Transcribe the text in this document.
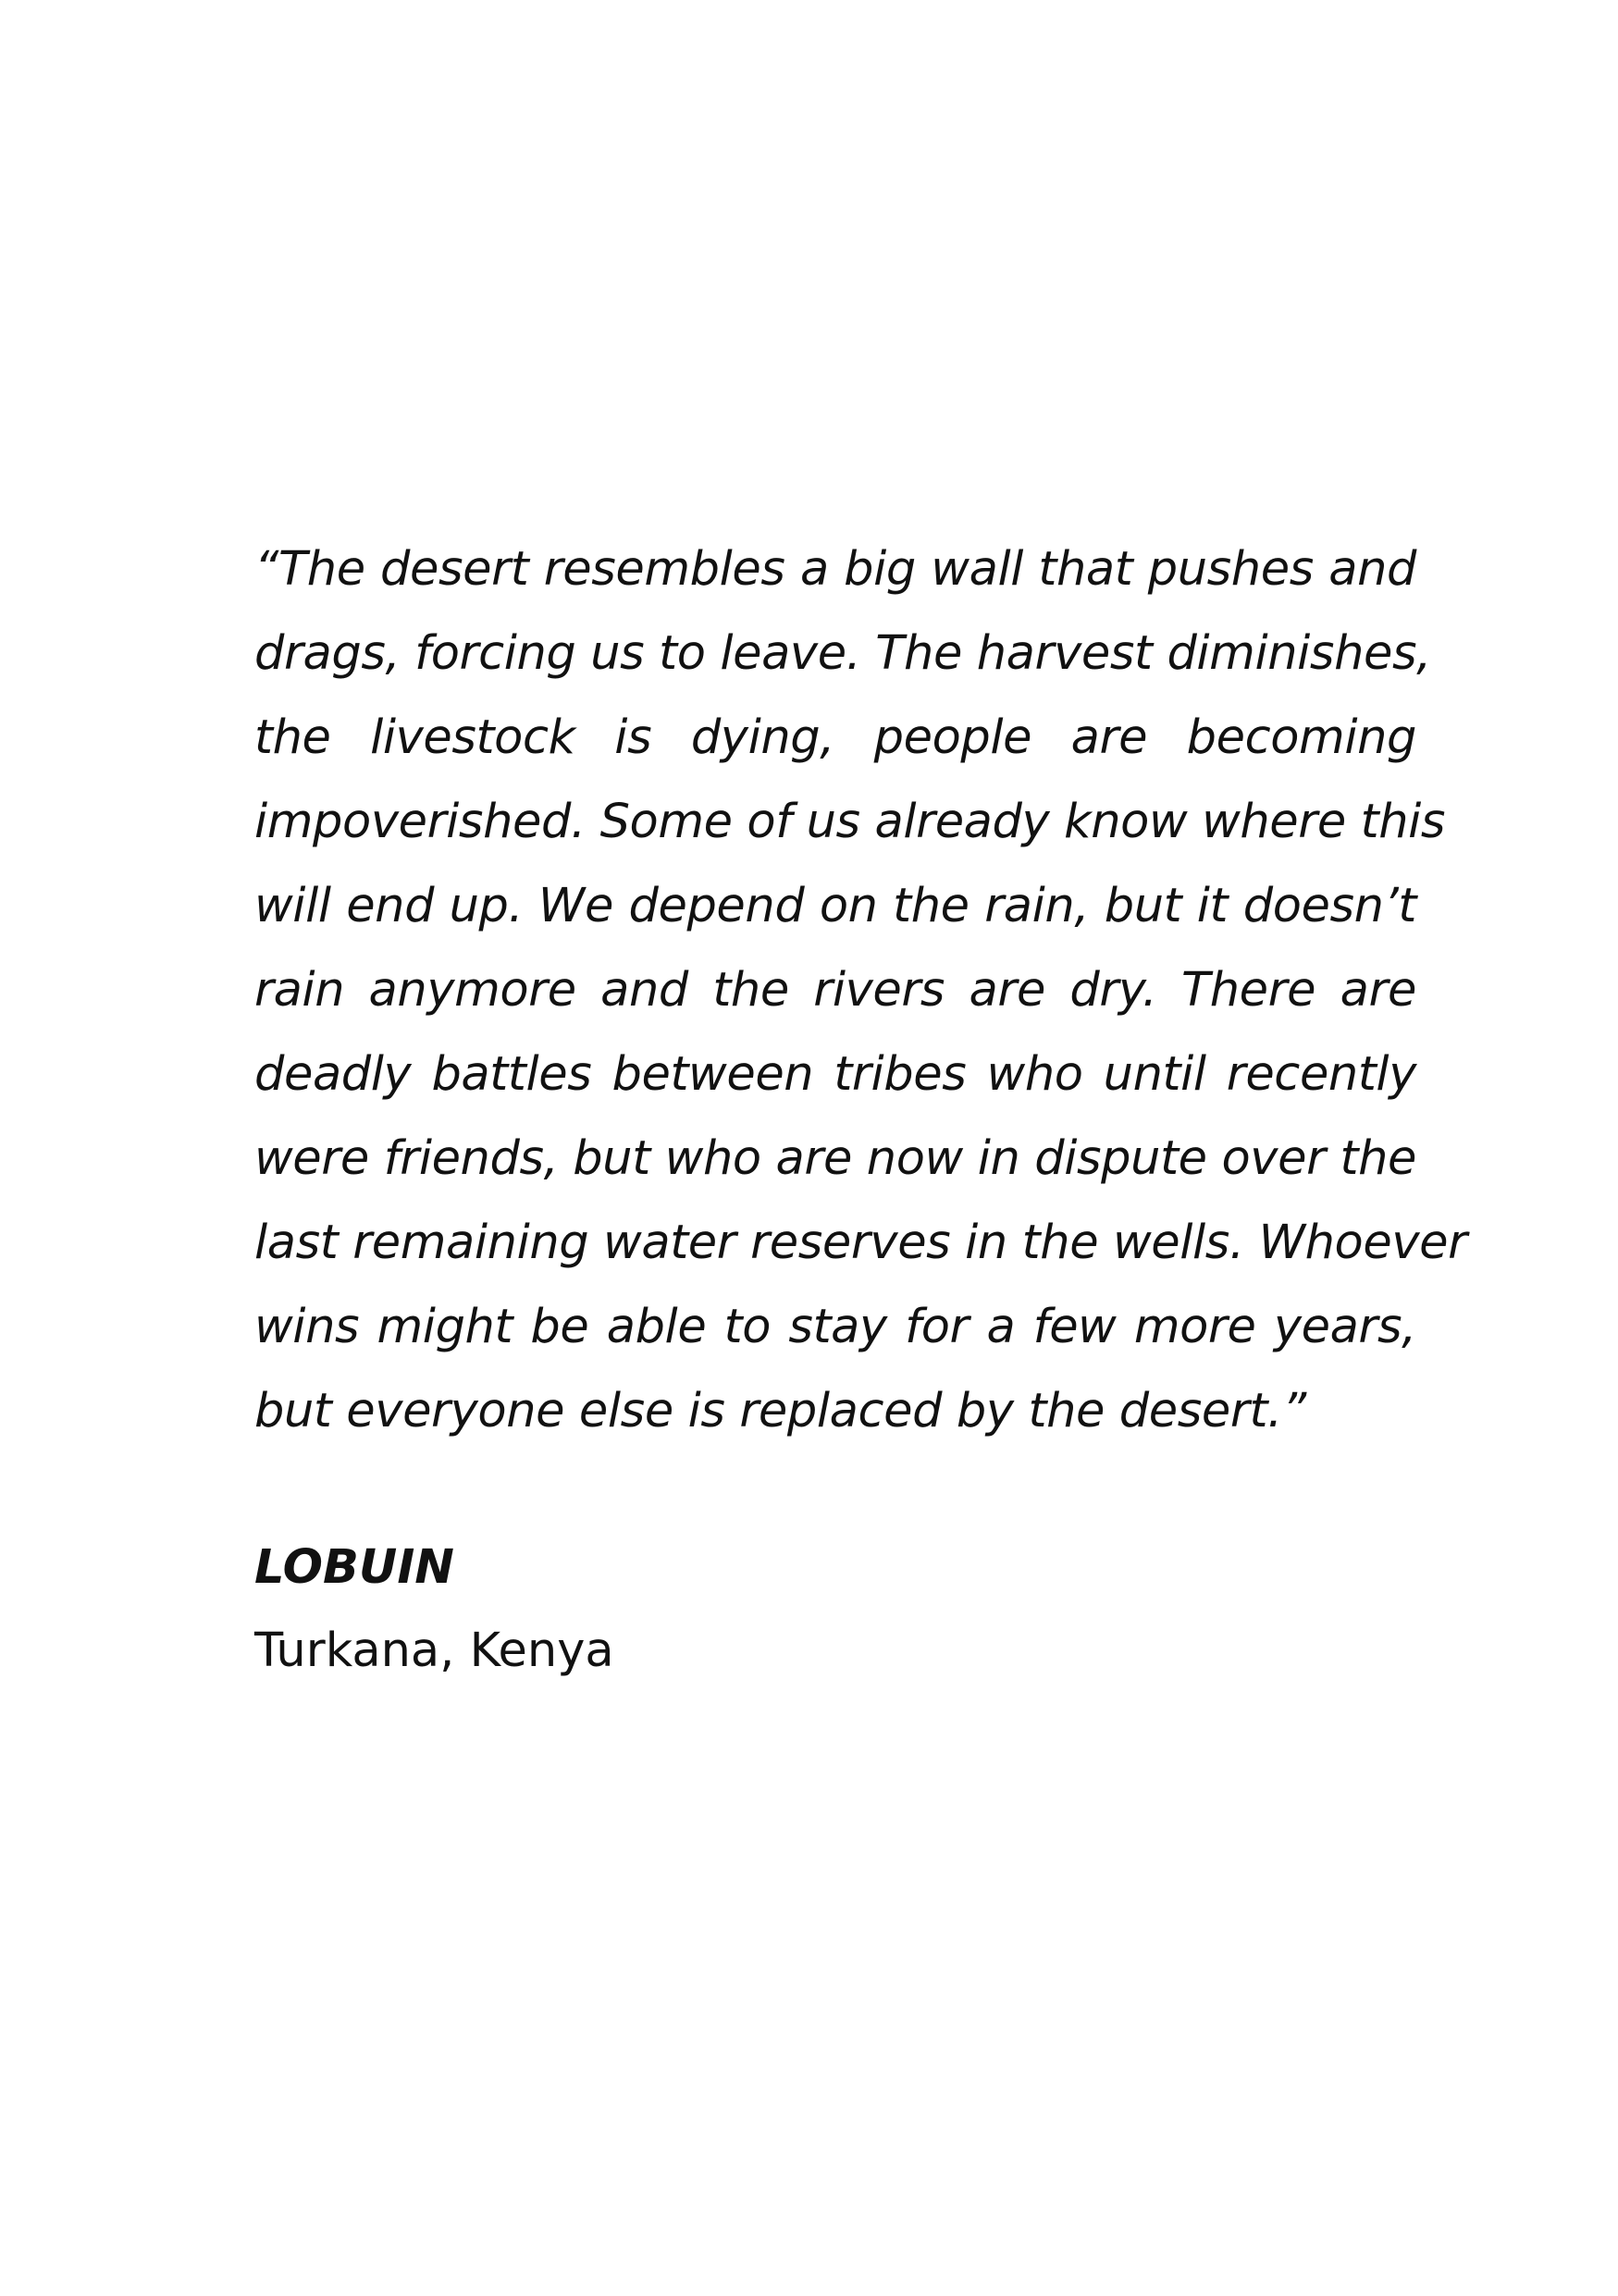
“The desert resembles a big wall that pushes and
drags, forcing us to leave. The harvest diminishes,
the livestock is dying, people are becoming
impoverished. Some of us already know where this
will end up. We depend on the rain, but it doesn’t
rain anymore and the rivers are dry. There are
deadly battles between tribes who until recently
were friends, but who are now in dispute over the
last remaining water reserves in the wells. Whoever
wins might be able to stay for a few more years,
but everyone else is replaced by the desert.”
LOBUIN
Turkana, Kenya
